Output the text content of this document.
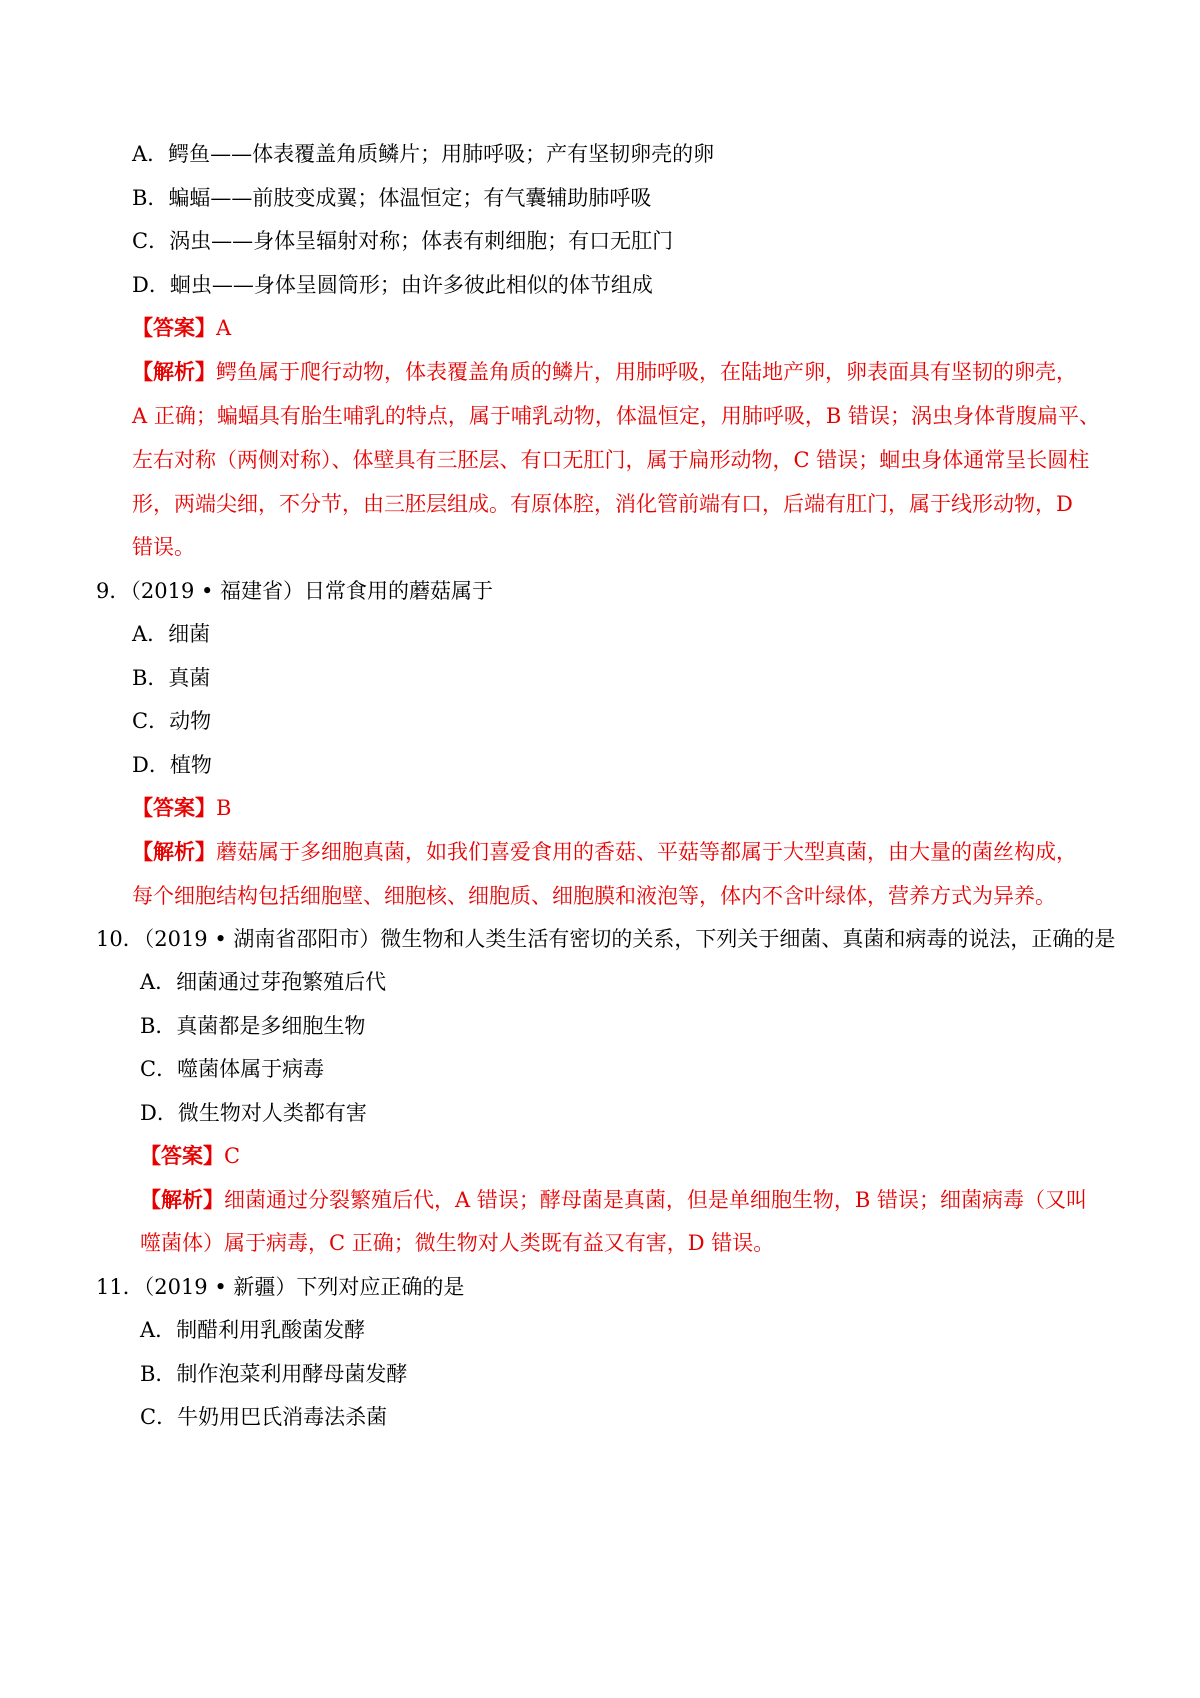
A．鳄鱼——体表覆盖角质鳞片；用肺呼吸；产有坚韧卵壳的卵
B．蝙蝠——前肢变成翼；体温恒定；有气囊辅助肺呼吸
C．涡虫——身体呈辐射对称；体表有刺细胞；有口无肛门
D．蛔虫——身体呈圆筒形；由许多彼此相似的体节组成
【答案】A
【解析】鳄鱼属于爬行动物，体表覆盖角质的鳞片，用肺呼吸，在陆地产卵，卵表面具有坚韧的卵壳，
A 正确；蝙蝠具有胎生哺乳的特点，属于哺乳动物，体温恒定，用肺呼吸，B 错误；涡虫身体背腹扁平、
左右对称（两侧对称）、体壁具有三胚层、有口无肛门，属于扁形动物，C 错误；蛔虫身体通常呈长圆柱
形，两端尖细，不分节，由三胚层组成。有原体腔，消化管前端有口，后端有肛门，属于线形动物，D
错误。
9．（2019 • 福建省）日常食用的蘑菇属于
A．细菌
B．真菌
C．动物
D．植物
【答案】B
【解析】蘑菇属于多细胞真菌，如我们喜爱食用的香菇、平菇等都属于大型真菌，由大量的菌丝构成，
每个细胞结构包括细胞壁、细胞核、细胞质、细胞膜和液泡等，体内不含叶绿体，营养方式为异养。
10．（2019 • 湖南省邵阳市）微生物和人类生活有密切的关系，下列关于细菌、真菌和病毒的说法，正确的是
A．细菌通过芽孢繁殖后代
B．真菌都是多细胞生物
C．噬菌体属于病毒
D．微生物对人类都有害
【答案】C
【解析】细菌通过分裂繁殖后代，A 错误；酵母菌是真菌，但是单细胞生物，B 错误；细菌病毒（又叫
噬菌体）属于病毒，C 正确；微生物对人类既有益又有害，D 错误。
11．（2019 • 新疆）下列对应正确的是
A．制醋利用乳酸菌发酵
B．制作泡菜利用酵母菌发酵
C．牛奶用巴氏消毒法杀菌
